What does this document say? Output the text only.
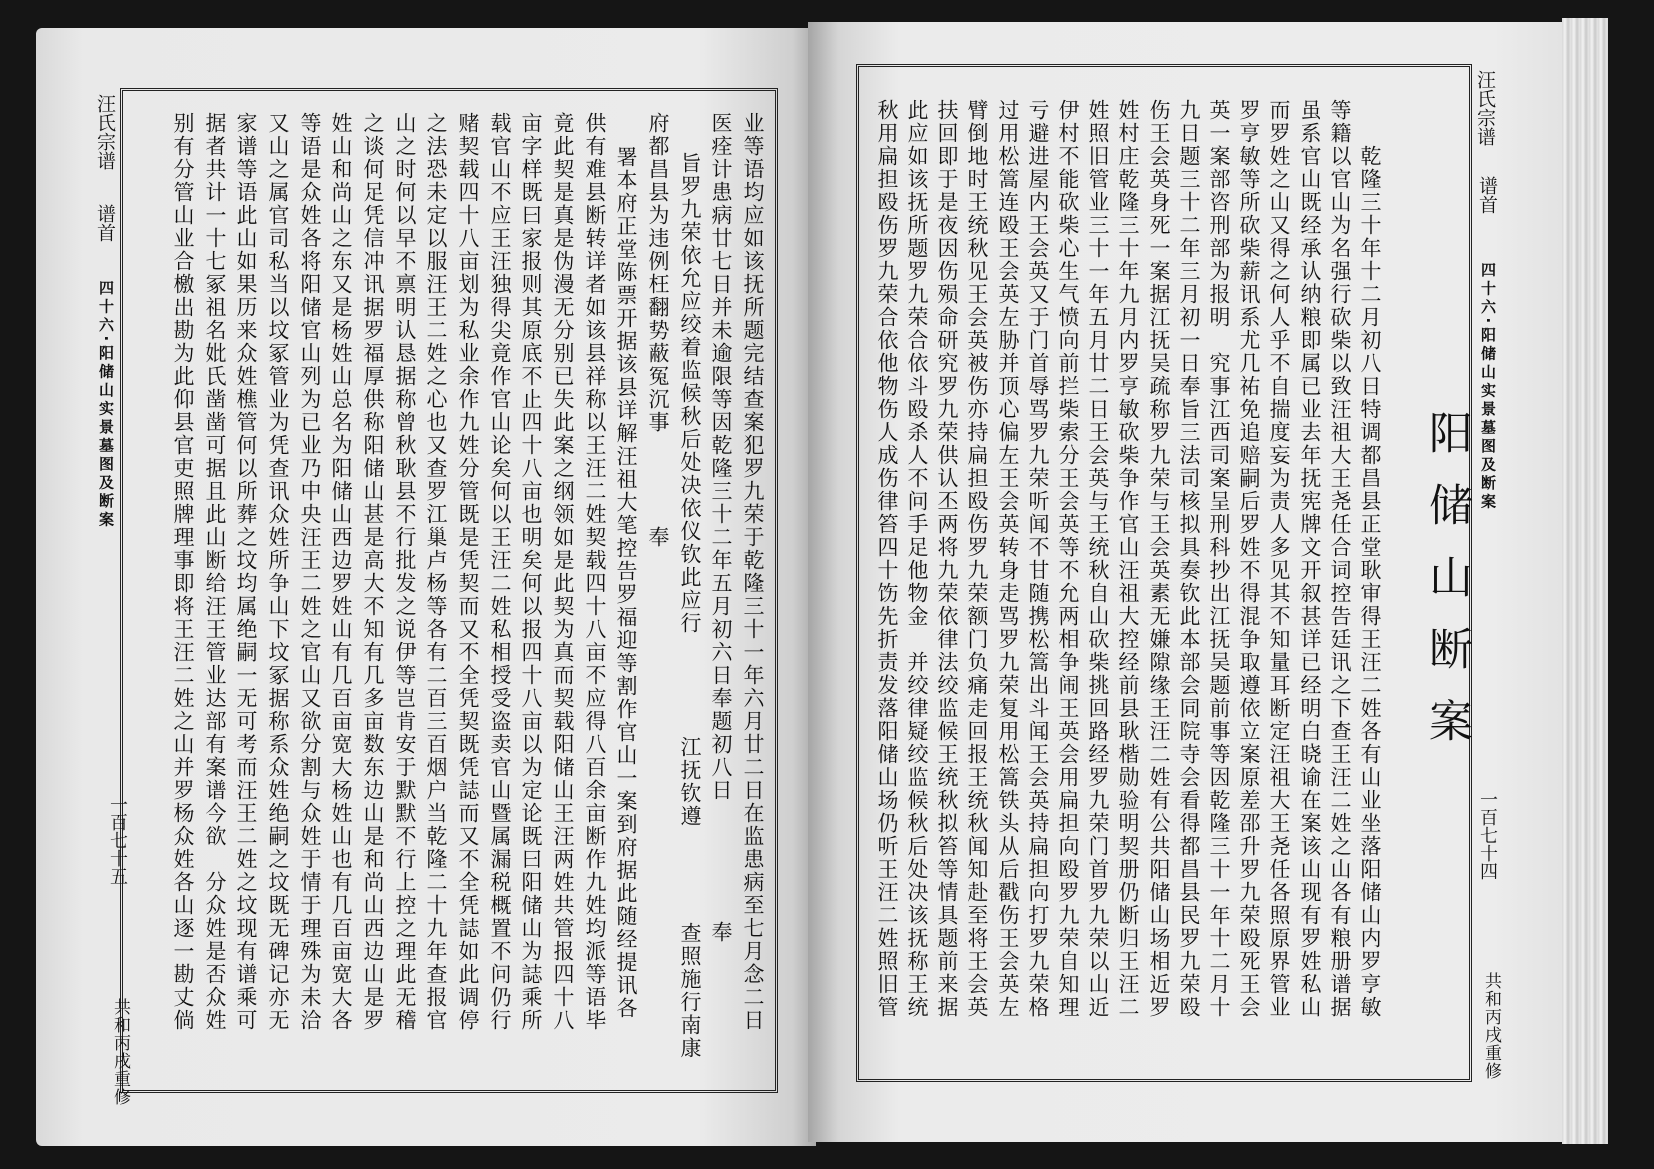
汪氏宗谱
谱首
四十六·阳储山实景墓图及断案
一百七十五
共和丙戌重修
业等语均应如该抚所题完结查案犯罗九荣于乾隆三十一年六月廿二日在监患病至七月念二日
医痊计患病廿七日并未逾限等因乾隆三十二年五月初六日奉题初八日
奉
旨罗九荣依允应绞着监候秋后处决依仪钦此应行
江抚钦遵
查照施行南康
府都昌县为违例枉翻势蔽冤沉事
奉
署本府正堂陈票开据该县详解汪祖大笔控告罗福迎等割作官山一案到府据此随经提讯各
供有难县断转详者如该县祥称以王汪二姓契载四十八亩不应得八百余亩断作九姓均派等语毕
竟此契是真是伪漫无分别已失此案之纲领如是此契为真而契载阳储山王汪两姓共管报四十八
亩字样既曰家报则其原底不止四十八亩也明矣何以报四十八亩以为定论既曰阳储山为誌乘所
载官山不应王汪独得尖竟作官山论矣何以王汪二姓私相授受盗卖官山暨属漏税概置不问仍行
赌契载四十八亩划为私业余作九姓分管既是凭契而又不全凭契既凭誌而又不全凭誌如此调停
之法恐未定以服汪王二姓之心也又查罗江巢卢杨等各有二百三百烟户当乾隆二十九年查报官
山之时何以早不禀明认恳据称曾秋耿县不行批发之说伊等岂肯安于默默不行上控之理此无稽
之谈何足凭信冲讯据罗福厚供称阳储山甚是高大不知有几多亩数东边山是和尚山西边山是罗
姓山和尚山之东又是杨姓山总名为阳储山西边罗姓山有几百亩宽大杨姓山也有几百亩宽大各
等语是众姓各将阳储官山列为已业乃中央汪王二姓之官山又欲分割与众姓于情于理殊为未洽
又山之属官司私当以坟冢管业为凭查讯众姓所争山下坟冢据称系众姓绝嗣之坟既无碑记亦无
家谱等语此山如果历来众姓樵管何以所葬之坟均属绝嗣一无可考而汪王二姓之坟现有谱乘可
据者共计一十七冢祖名妣氏凿凿可据且此山断给汪王管业达部有案谱今欲　分众姓是否众姓
别有分管山业合檄出勘为此仰县官吏照牌理事即将王汪二姓之山并罗杨众姓各山逐一勘丈倘	阳储山断案
汪氏宗谱
谱首
四十六·阳储山实景墓图及断案
一百七十四
共和丙戌重修
乾隆三十年十二月初八日特调都昌县正堂耿审得王汪二姓各有山业坐落阳储山内罗亨敏
等籍以官山为名强行砍柴以致汪祖大王尧任合词控告廷讯之下查王汪二姓之山各有粮册谱据
虽系官山既经承认纳粮即属已业去年抚宪牌文开叙甚详已经明白晓谕在案该山现有罗姓私山
而罗姓之山又得之何人乎不自揣度妄为责人多见其不知量耳断定汪祖大王尧任各照原界管业
罗亨敏等所砍柴薪讯系尤几祐免追赔嗣后罗姓不得混争取遵依立案原差邵升罗九荣殴死王会
英一案部咨刑部为报明　究事江西司案呈刑科抄出江抚吴题前事等因乾隆三十一年十二月十
九日题三十二年三月初一日奉旨三法司核拟具奏钦此本部会同院寺会看得都昌县民罗九荣殴
伤王会英身死一案据江抚吴疏称罗九荣与王会英素无嫌隙缘王汪二姓有公共阳储山场相近罗
姓村庄乾隆三十年九月内罗亨敏砍柴争作官山汪祖大控经前县耿楷勋验明契册仍断归王汪二
姓照旧管业三十一年五月廿二日王会英与王统秋自山砍柴挑回路经罗九荣门首罗九荣以山近
伊村不能砍柴心生气愤向前拦柴索分王会英等不允两相争闹王英会用扁担向殴罗九荣自知理
亏避进屋内王会英又于门首辱骂罗九荣听闻不甘随携松篙出斗闻王会英持扁担向打罗九荣格
过用松篙连殴王会英左胁并顶心偏左王会英转身走骂罗九荣复用松篙铁头从后戳伤王会英左
臂倒地时王统秋见王会英被伤亦持扁担殴伤罗九荣额门负痛走回报王统秋闻知赴至将王会英
扶回即于是夜因伤殒命研究罗九荣供认丕两将九荣依律法绞监候王统秋拟笞等情具题前来据
此应如该抚所题罗九荣合依斗殴杀人不问手足他物金　并绞律疑绞监候秋后处决该抚称王统
秋用扁担殴伤罗九荣合依他物伤人成伤律笞四十饬先折责发落阳储山场仍听王汪二姓照旧管
